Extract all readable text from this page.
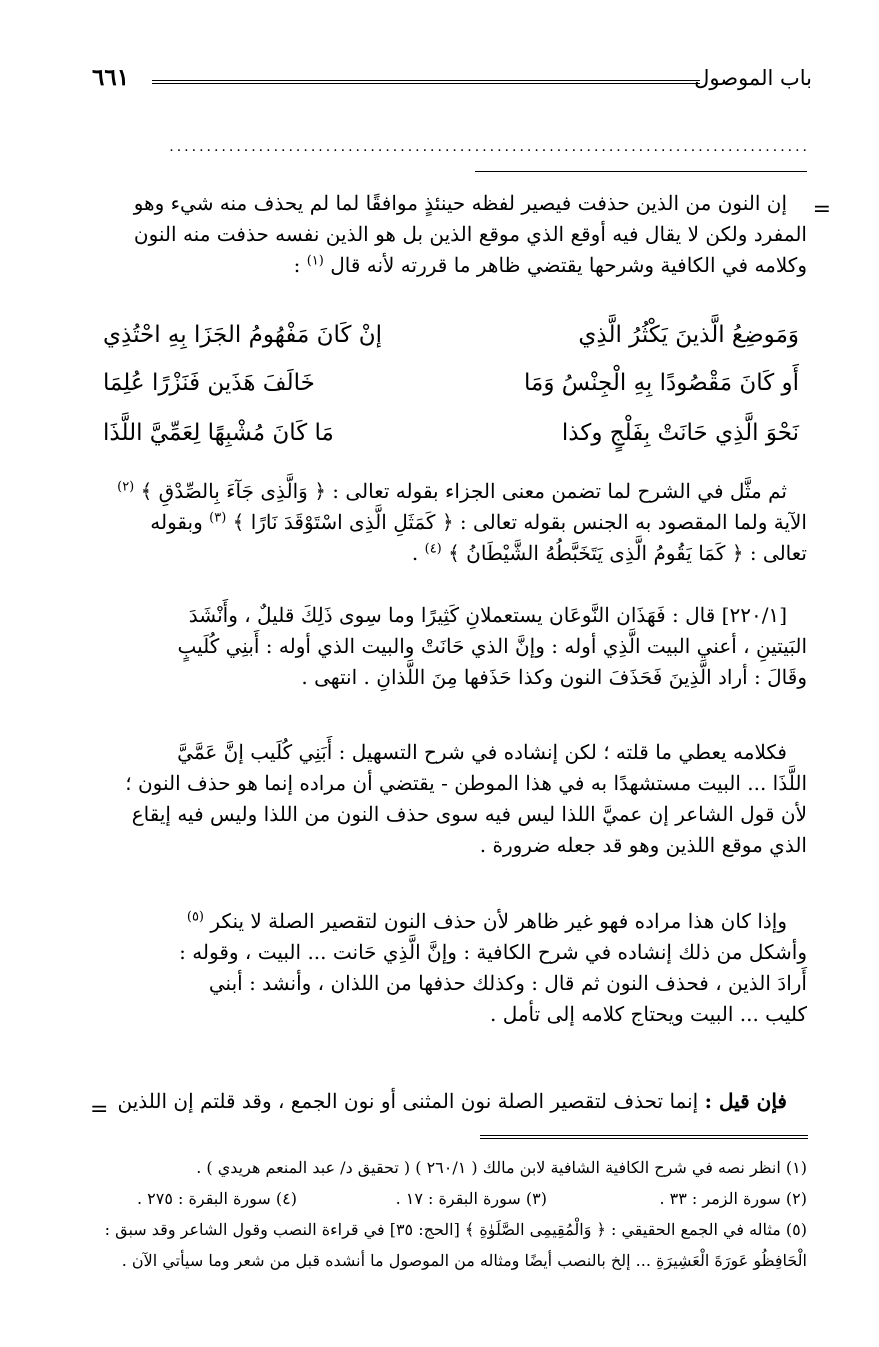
باب الموصول
٦٦١
......................................................................................
=

إن النون من الذين حذفت فيصير لفظه حينئذٍ موافقًا لما لم يحذف منه شيء وهو

المفرد ولكن لا يقال فيه أوقع الذي موقع الذين بل هو الذين نفسه حذفت منه النون

وكلامه في الكافية وشرحها يقتضي ظاهر ما قررته لأنه قال $^{(١)}$ :

وَمَوضِعُ الَّذينَ يَكْثُرُ الَّذِي
إنْ كَانَ مَفْهُومُ الجَزَا بِهِ احْتُذِي
أَو كَانَ مَقْصُودًا بِهِ الْجِنْسُ وَمَا
خَالَفَ هَذَين فَنَزْرًا عُلِمَا
نَحْوَ الَّذِي حَانَتْ بِفَلْجٍ وكذا
مَا كَانَ مُشْبِهًا لِعَمِّيَّ اللَّذَا

ثم مثَّل في الشرح لما تضمن معنى الجزاء بقوله تعالى : ﴿ وَالَّذِى جَآءَ بِالصِّدْقِ ﴾ $^{(٢)}$

الآية ولما المقصود به الجنس بقوله تعالى : ﴿ كَمَثَلِ الَّذِى اسْتَوْقَدَ نَارًا ﴾ $^{(٣)}$ وبقوله

تعالى : ﴿ كَمَا يَقُومُ الَّذِى يَتَخَبَّطُهُ الشَّيْطَانُ ﴾ $^{(٤)}$ .

[٢٢٠/١] قال : فَهَذَان النَّوعَان يستعملانِ كَثِيرًا وما سِوى ذَلِكَ قليلٌ ، وأَنْشَدَ

البَيتينِ ، أعني البيت الَّذِي أوله : وإنَّ الذي حَانَتْ والبيت الذي أوله : أَبنِي كُلَيبٍ

وقَالَ : أراد الَّذِينَ فَحَذَفَ النون وكذا حَذَفها مِنَ اللَّذانِ . انتهى .

فكلامه يعطي ما قلته ؛ لكن إنشاده في شرح التسهيل : أَبَنِي كُلَيب إنَّ عَمَّيَّ

اللَّذَا ... البيت مستشهدًا به في هذا الموطن - يقتضي أن مراده إنما هو حذف النون ؛

لأن قول الشاعر إن عميَّ اللذا ليس فيه سوى حذف النون من اللذا وليس فيه إيقاع

الذي موقع اللذين وهو قد جعله ضرورة .

وإذا كان هذا مراده فهو غير ظاهر لأن حذف النون لتقصير الصلة لا ينكر $^{(٥)}$

وأشكل من ذلك إنشاده في شرح الكافية : وإنَّ الَّذِي حَانت ... البيت ، وقوله :

أَرادَ الذين ، فحذف النون ثم قال : وكذلك حذفها من اللذان ، وأنشد : أبني

كليب ... البيت ويحتاج كلامه إلى تأمل .

فإن قيل : إنما تحذف لتقصير الصلة نون المثنى أو نون الجمع ، وقد قلتم إن اللذين

=

(١) انظر نصه في شرح الكافية الشافية لابن مالك ( ٢٦٠/١ ) ( تحقيق د/ عبد المنعم هريدي ) .

(٢) سورة الزمر : ٣٣ .
(٣) سورة البقرة : ١٧ .
(٤) سورة البقرة : ٢٧٥ .

(٥) مثاله في الجمع الحقيقي : ﴿ وَالْمُقِيمِى الصَّلَوٰةِ ﴾ [الحج: ٣٥] في قراءة النصب وقول الشاعر وقد سبق :

الْحَافِظُو عَورَةَ الْعَشِيرَةِ ... إلخ بالنصب أيضًا ومثاله من الموصول ما أنشده قبل من شعر وما سيأتي الآن .
